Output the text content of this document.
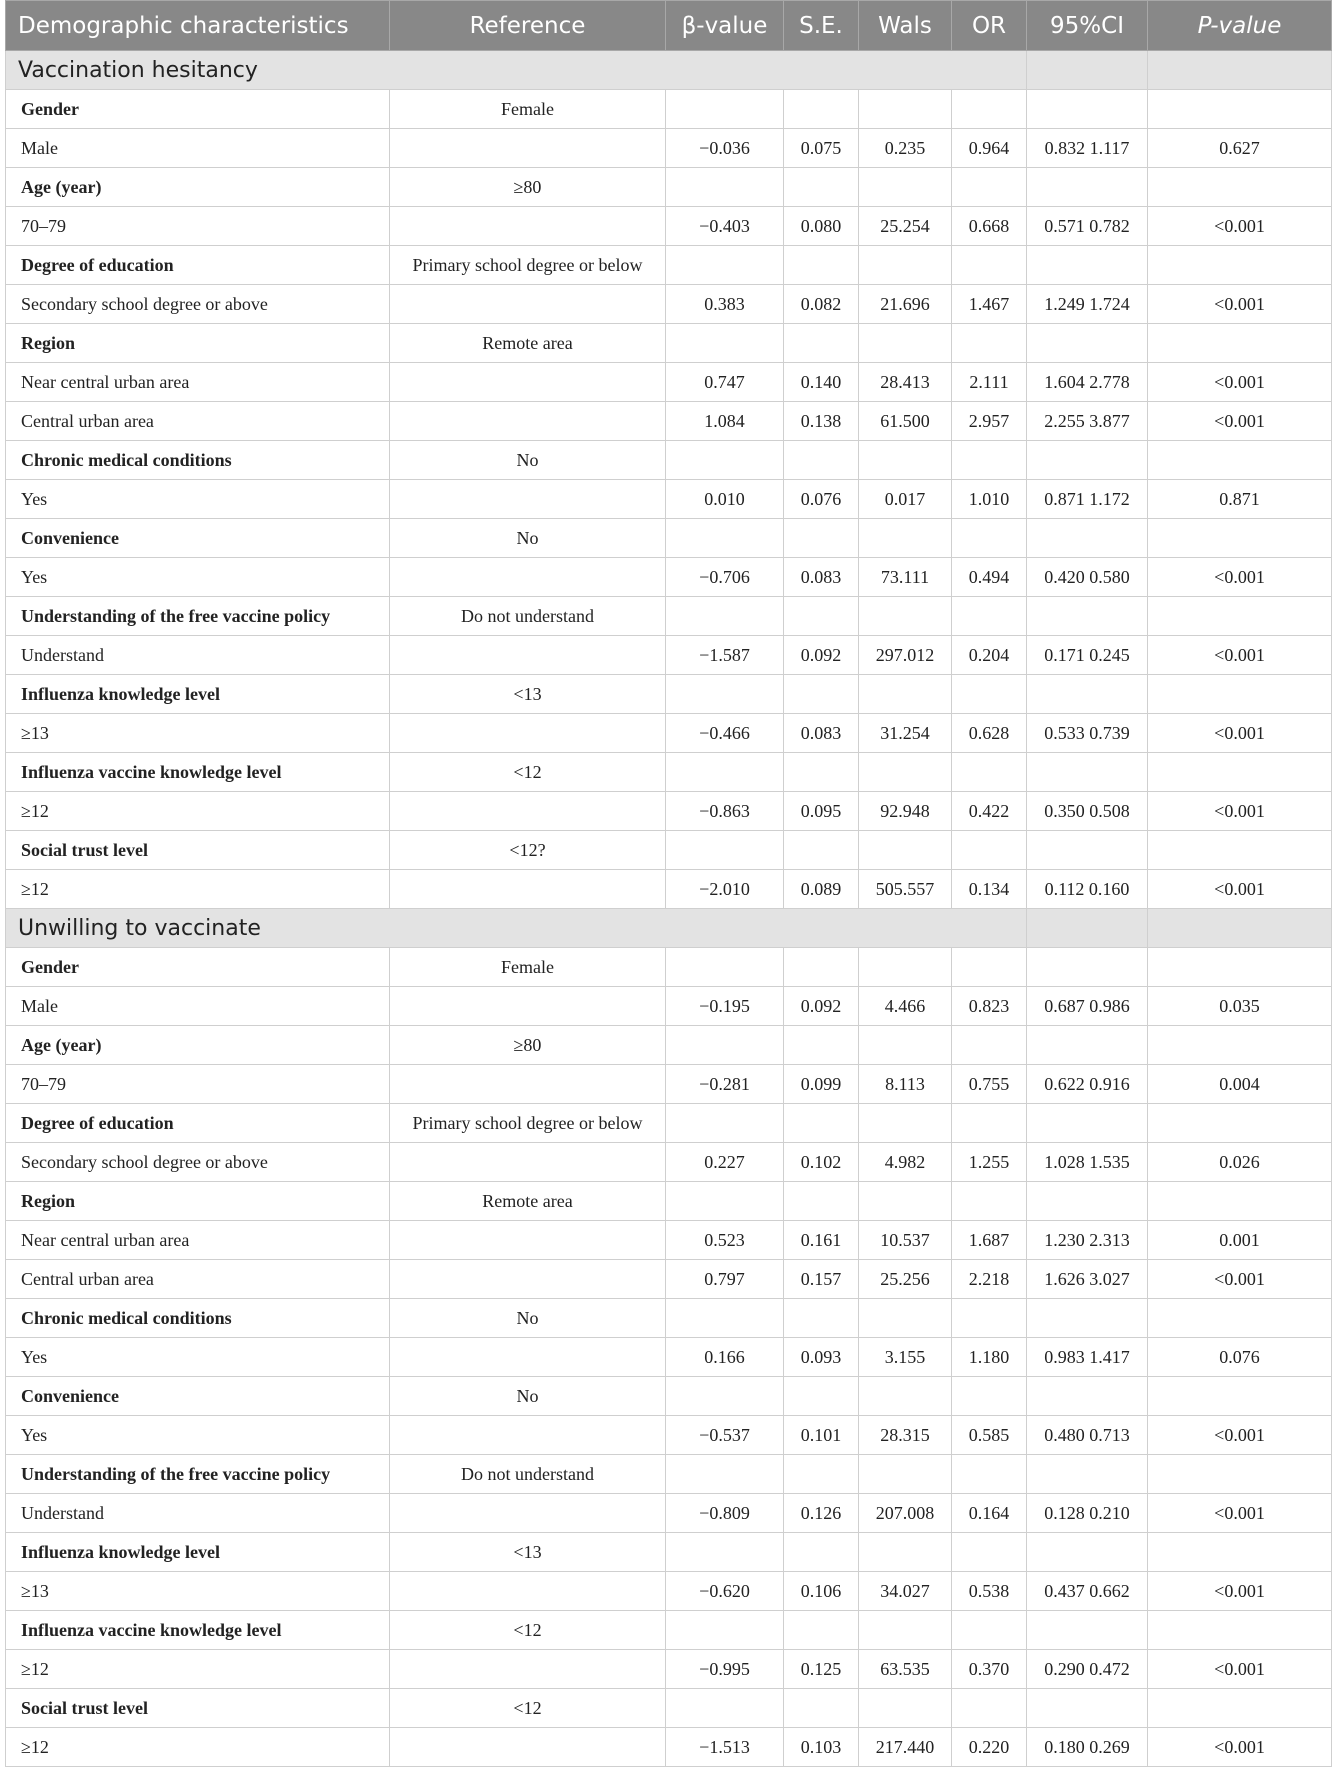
Demographic characteristics	Reference	β-value	S.E.	Wals	OR	95%CI	P-value
Vaccination hesitancy							
Gender	Female						
Male		−0.036	0.075	0.235	0.964	0.832 1.117	0.627
Age (year)	≥80						
70–79		−0.403	0.080	25.254	0.668	0.571 0.782	<0.001
Degree of education	Primary school degree or below						
Secondary school degree or above		0.383	0.082	21.696	1.467	1.249 1.724	<0.001
Region	Remote area						
Near central urban area		0.747	0.140	28.413	2.111	1.604 2.778	<0.001
Central urban area		1.084	0.138	61.500	2.957	2.255 3.877	<0.001
Chronic medical conditions	No						
Yes		0.010	0.076	0.017	1.010	0.871 1.172	0.871
Convenience	No						
Yes		−0.706	0.083	73.111	0.494	0.420 0.580	<0.001
Understanding of the free vaccine policy	Do not understand						
Understand		−1.587	0.092	297.012	0.204	0.171 0.245	<0.001
Influenza knowledge level	<13						
≥13		−0.466	0.083	31.254	0.628	0.533 0.739	<0.001
Influenza vaccine knowledge level	<12						
≥12		−0.863	0.095	92.948	0.422	0.350 0.508	<0.001
Social trust level	<12?						
≥12		−2.010	0.089	505.557	0.134	0.112 0.160	<0.001
Unwilling to vaccinate							
Gender	Female						
Male		−0.195	0.092	4.466	0.823	0.687 0.986	0.035
Age (year)	≥80						
70–79		−0.281	0.099	8.113	0.755	0.622 0.916	0.004
Degree of education	Primary school degree or below						
Secondary school degree or above		0.227	0.102	4.982	1.255	1.028 1.535	0.026
Region	Remote area						
Near central urban area		0.523	0.161	10.537	1.687	1.230 2.313	0.001
Central urban area		0.797	0.157	25.256	2.218	1.626 3.027	<0.001
Chronic medical conditions	No						
Yes		0.166	0.093	3.155	1.180	0.983 1.417	0.076
Convenience	No						
Yes		−0.537	0.101	28.315	0.585	0.480 0.713	<0.001
Understanding of the free vaccine policy	Do not understand						
Understand		−0.809	0.126	207.008	0.164	0.128 0.210	<0.001
Influenza knowledge level	<13						
≥13		−0.620	0.106	34.027	0.538	0.437 0.662	<0.001
Influenza vaccine knowledge level	<12						
≥12		−0.995	0.125	63.535	0.370	0.290 0.472	<0.001
Social trust level	<12						
≥12		−1.513	0.103	217.440	0.220	0.180 0.269	<0.001
